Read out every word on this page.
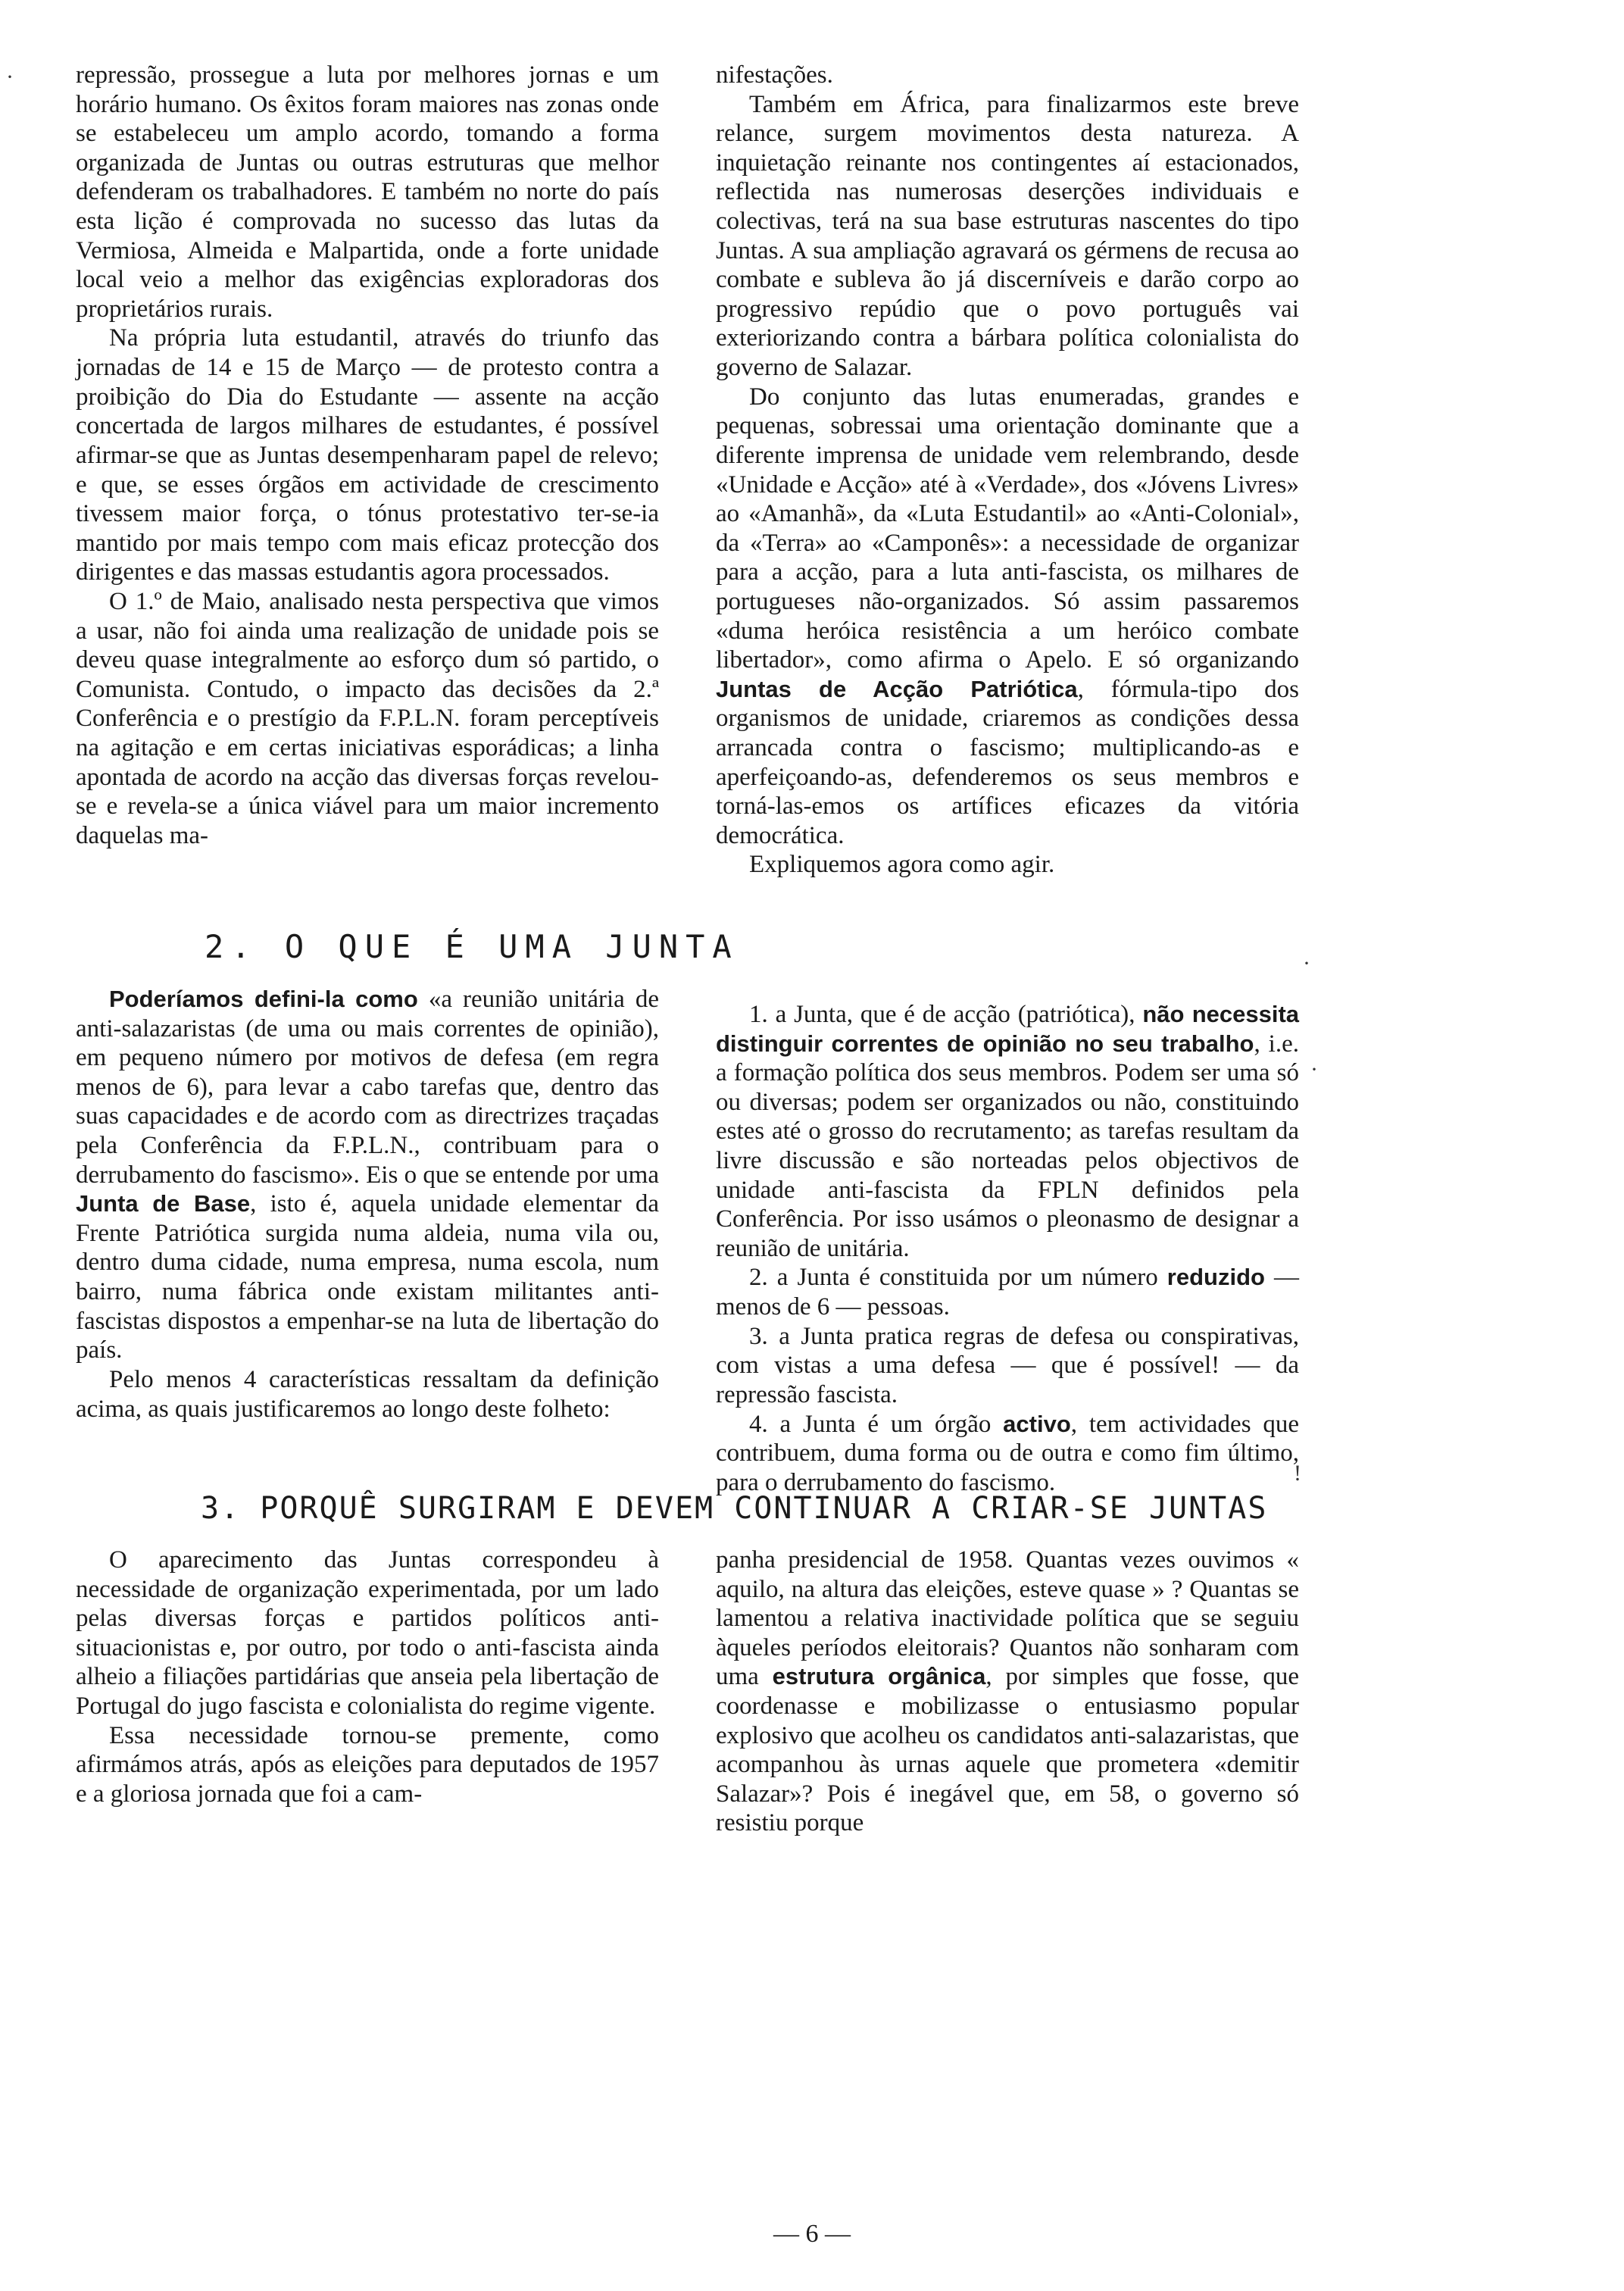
repressão, prossegue a luta por melhores jornas e um horário humano. Os êxitos foram maiores nas zonas onde se estabeleceu um amplo acordo, tomando a forma organizada de Juntas ou outras estruturas que melhor defenderam os trabalhadores. E também no norte do país esta lição é comprovada no sucesso das lutas da Vermiosa, Almeida e Malpartida, onde a forte unidade local veio a melhor das exigências exploradoras dos proprietários rurais.

Na própria luta estudantil, através do triunfo das jornadas de 14 e 15 de Março — de protesto contra a proibição do Dia do Estudante — assente na acção concertada de largos milhares de estudantes, é possível afirmar-se que as Juntas desempenharam papel de relevo; e que, se esses órgãos em actividade de crescimento tivessem maior força, o tónus protestativo ter-se-ia mantido por mais tempo com mais eficaz protecção dos dirigentes e das massas estudantis agora processados.

O 1.º de Maio, analisado nesta perspectiva que vimos a usar, não foi ainda uma realização de unidade pois se deveu quase integralmente ao esforço dum só partido, o Comunista. Contudo, o impacto das decisões da 2.ª Conferência e o prestígio da F.P.L.N. foram perceptíveis na agitação e em certas iniciativas esporádicas; a linha apontada de acordo na acção das diversas forças revelou-se e revela-se a única viável para um maior incremento daquelas ma-

nifestações.

Também em África, para finalizarmos este breve relance, surgem movimentos desta natureza. A inquietação reinante nos contingentes aí estacionados, reflectida nas numerosas deserções individuais e colectivas, terá na sua base estruturas nascentes do tipo Juntas. A sua ampliação agravará os gérmens de recusa ao combate e subleva ão já discerníveis e darão corpo ao progressivo repúdio que o povo português vai exteriorizando contra a bárbara política colonialista do governo de Salazar.

Do conjunto das lutas enumeradas, grandes e pequenas, sobressai uma orientação dominante que a diferente imprensa de unidade vem relembrando, desde «Unidade e Acção» até à «Verdade», dos «Jóvens Livres» ao «Amanhã», da «Luta Estudantil» ao «Anti-Colonial», da «Terra» ao «Camponês»: a necessidade de organizar para a acção, para a luta anti-fascista, os milhares de portugueses não-organizados. Só assim passaremos «duma heróica resistência a um heróico combate libertador», como afirma o Apelo. E só organizando Juntas de Acção Patriótica, fórmula-tipo dos organismos de unidade, criaremos as condições dessa arrancada contra o fascismo; multiplicando-as e aperfeiçoando-as, defenderemos os seus membros e torná-las-emos os artífices eficazes da vitória democrática.

Expliquemos agora como agir.

2. O QUE É UMA JUNTA

Poderíamos defini-la como «a reunião unitária de anti-salazaristas (de uma ou mais correntes de opinião), em pequeno número por motivos de defesa (em regra menos de 6), para levar a cabo tarefas que, dentro das suas capacidades e de acordo com as directrizes traçadas pela Conferência da F.P.L.N., contribuam para o derrubamento do fascismo». Eis o que se entende por uma Junta de Base, isto é, aquela unidade elementar da Frente Patriótica surgida numa aldeia, numa vila ou, dentro duma cidade, numa empresa, numa escola, num bairro, numa fábrica onde existam militantes anti-fascistas dispostos a empenhar-se na luta de libertação do país.

Pelo menos 4 características ressaltam da definição acima, as quais justificaremos ao longo deste folheto:

1. a Junta, que é de acção (patriótica), não necessita distinguir correntes de opinião no seu trabalho, i.e. a formação política dos seus membros. Podem ser uma só ou diversas; podem ser organizados ou não, constituindo estes até o grosso do recrutamento; as tarefas resultam da livre discussão e são norteadas pelos objectivos de unidade anti-fascista da FPLN definidos pela Conferência. Por isso usámos o pleonasmo de designar a reunião de unitária.

2. a Junta é constituida por um número reduzido — menos de 6 — pessoas.

3. a Junta pratica regras de defesa ou conspirativas, com vistas a uma defesa — que é possível! — da repressão fascista.

4. a Junta é um órgão activo, tem actividades que contribuem, duma forma ou de outra e como fim último, para o derrubamento do fascismo.

3. PORQUÊ SURGIRAM E DEVEM CONTINUAR A CRIAR-SE JUNTAS

O aparecimento das Juntas correspondeu à necessidade de organização experimentada, por um lado pelas diversas forças e partidos políticos anti-situacionistas e, por outro, por todo o anti-fascista ainda alheio a filiações partidárias que anseia pela libertação de Portugal do jugo fascista e colonialista do regime vigente.

Essa necessidade tornou-se premente, como afirmámos atrás, após as eleições para deputados de 1957 e a gloriosa jornada que foi a cam-

panha presidencial de 1958. Quantas vezes ouvimos « aquilo, na altura das eleições, esteve quase » ? Quantas se lamentou a relativa inactividade política que se seguiu àqueles períodos eleitorais? Quantos não sonharam com uma estrutura orgânica, por simples que fosse, que coordenasse e mobilizasse o entusiasmo popular explosivo que acolheu os candidatos anti-salazaristas, que acompanhou às urnas aquele que prometera «demitir Salazar»? Pois é inegável que, em 58, o governo só resistiu porque

— 6 —
·
·
·
!
